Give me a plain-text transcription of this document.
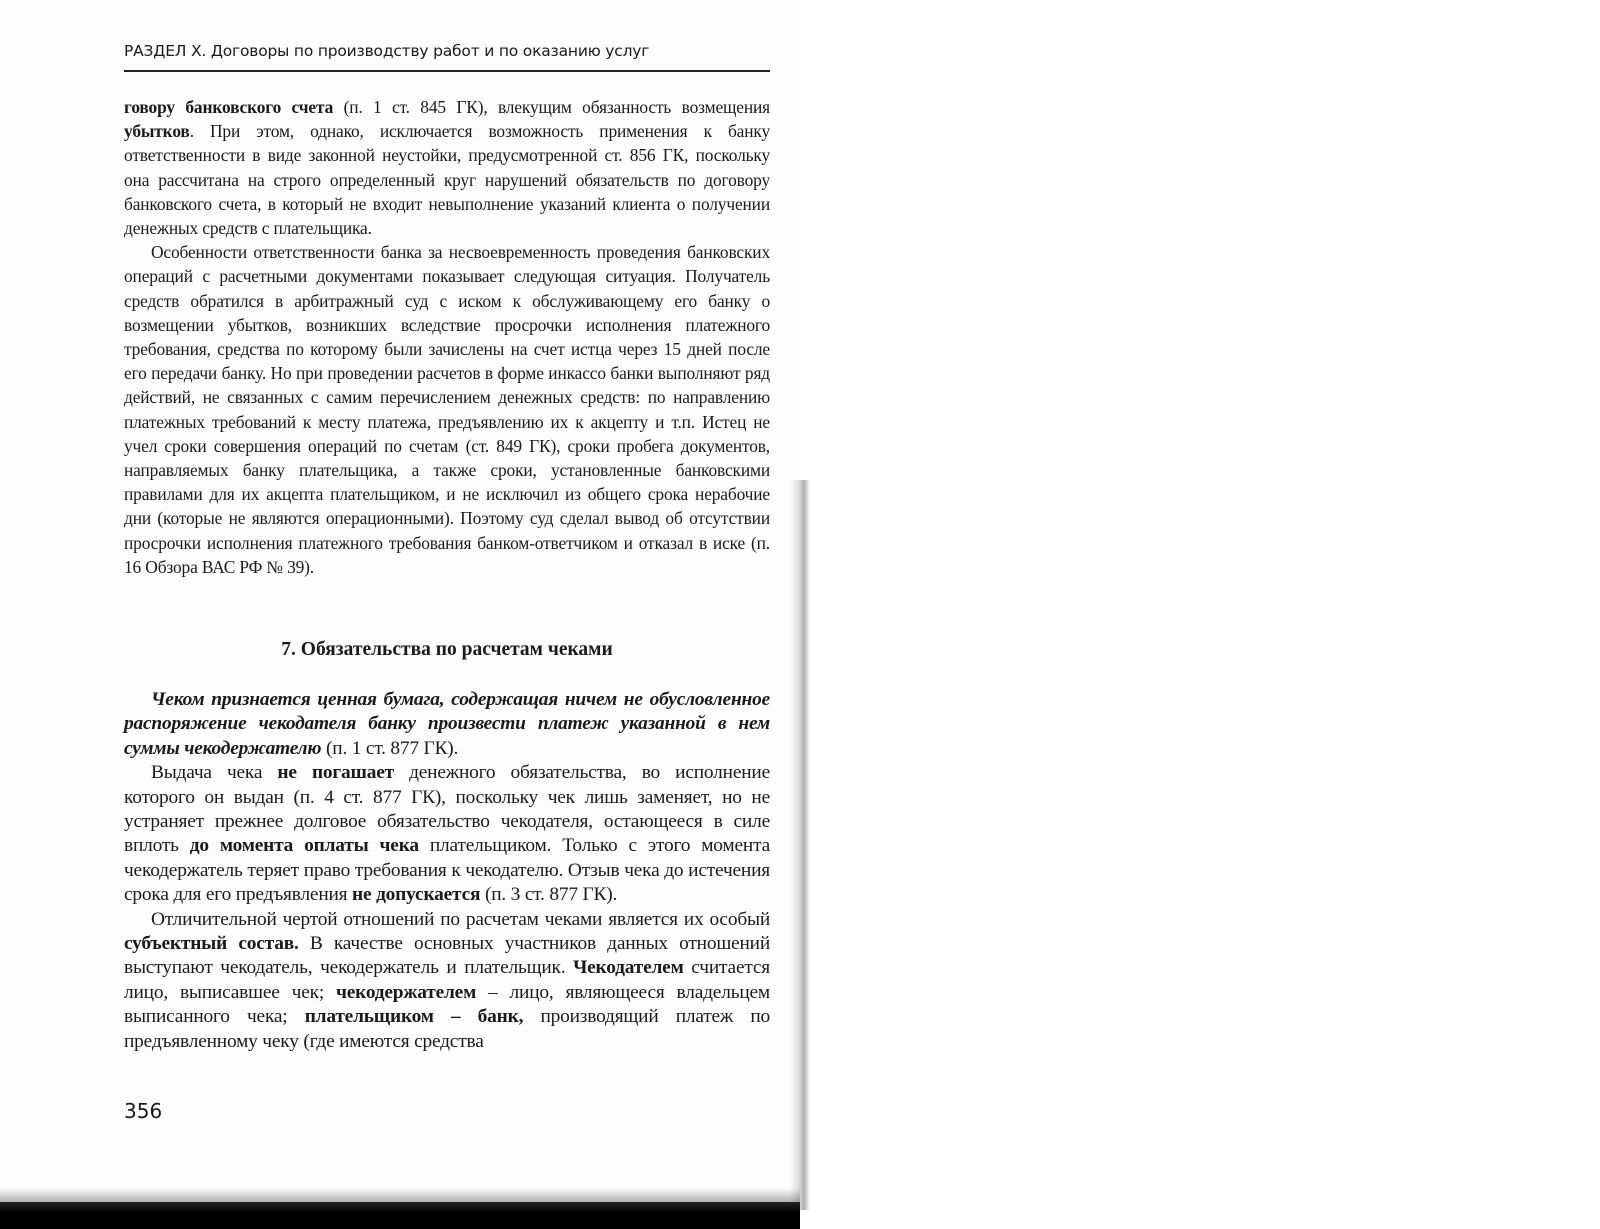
РАЗДЕЛ X. Договоры по производству работ и по оказанию услуг

говору банковского счета (п. 1 ст. 845 ГК), влекущим обязанность возмещения убытков. При этом, однако, исключается возможность применения к банку ответственности в виде законной неустойки, предусмотренной ст. 856 ГК, поскольку она рассчитана на строго определенный круг нарушений обязательств по договору банковского счета, в который не входит невыполнение указаний клиента о получении денежных средств с плательщика.

Особенности ответственности банка за несвоевременность проведения банковских операций с расчетными документами показывает следующая ситуация. Получатель средств обратился в арбитражный суд с иском к обслуживающему его банку о возмещении убытков, возникших вследствие просрочки исполнения платежного требования, средства по которому были зачислены на счет истца через 15 дней после его передачи банку. Но при проведении расчетов в форме инкассо банки выполняют ряд действий, не связанных с самим перечислением денежных средств: по направлению платежных требований к месту платежа, предъявлению их к акцепту и т.п. Истец не учел сроки совершения операций по счетам (ст. 849 ГК), сроки пробега документов, направляемых банку плательщика, а также сроки, установленные банковскими правилами для их акцепта плательщиком, и не исключил из общего срока нерабочие дни (которые не являются операционными). Поэтому суд сделал вывод об отсутствии просрочки исполнения платежного требования банком-ответчиком и отказал в иске (п. 16 Обзора ВАС РФ № 39).

7. Обязательства по расчетам чеками

Чеком признается ценная бумага, содержащая ничем не обусловленное распоряжение чекодателя банку произвести платеж указанной в нем суммы чекодержателю (п. 1 ст. 877 ГК).

Выдача чека не погашает денежного обязательства, во исполнение которого он выдан (п. 4 ст. 877 ГК), поскольку чек лишь заменяет, но не устраняет прежнее долговое обязательство чекодателя, остающееся в силе вплоть до момента оплаты чека плательщиком. Только с этого момента чекодержатель теряет право требования к чекодателю. Отзыв чека до истечения срока для его предъявления не допускается (п. 3 ст. 877 ГК).

Отличительной чертой отношений по расчетам чеками является их особый субъектный состав. В качестве основных участников данных отношений выступают чекодатель, чекодержатель и плательщик. Чекодателем считается лицо, выписавшее чек; чекодержателем – лицо, являющееся владельцем выписанного чека; плательщиком – банк, производящий платеж по предъявленному чеку (где имеются средства

356
